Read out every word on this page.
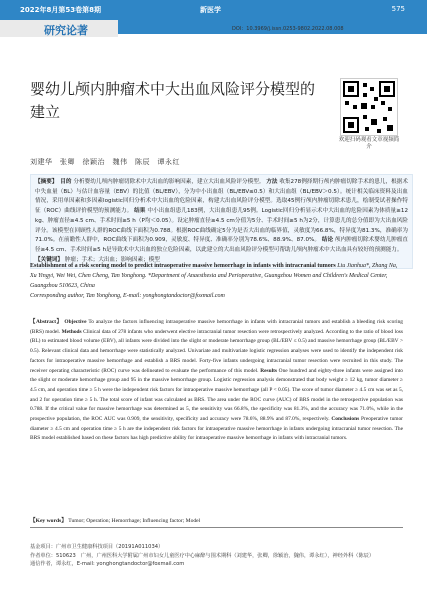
2022年8月第53卷第8期	新医学	575
研究论著	DOI：10.3969/j.issn.0253-9802.2022.08.008
婴幼儿颅内肿瘤术中大出血风险评分模型的建立
欢迎扫码观看文章视频简介
刘建华　张卿　徐颖治　魏伟　陈辰　谭永红
【摘要】　目的 分析婴幼儿颅内肿瘤切除术中大出血的影响因素，建立大出血风险评分模型。 方法 收集278例择期行颅内肿瘤切除手术的患儿，根据术中失血量（BL）与估计血容量（EBV）的比值（BL/EBV），分为中小出血组（BL/EBV≤0.5）和大出血组（BL/EBV＞0.5）。统计相关临床资料及出血情况，采用单因素和多因素logistic回归分析术中大出血的危险因素，构建大出血风险评分模型。选取45例行颅内肿瘤切除术患儿，绘制受试者操作特征（ROC）曲线评价模型的预测能力。 结果 中小出血组患儿183例，大出血组患儿95例。Logistic回归分析显示术中大出血的危险因素为体质量≥12 kg、肿瘤直径≥4.5 cm、手术时间≥5 h（P均＜0.05）。设定肿瘤直径≥4.5 cm分值为5分、手术时间≥5 h为2分，计算患儿的总分值即为大出血风险评分。该模型在回顾性人群的ROC曲线下面积为0.788。根据ROC曲线确定5分为是否大出血的临界值，灵敏度为66.8%，特异度为81.3%，准确率为71.0%。在前瞻性人群中，ROC曲线下面积为0.909，灵敏度、特异度、准确率分别为78.6%、88.9%、87.0%。 结论 颅内肿瘤切除术婴幼儿肿瘤直径≥4.5 cm、手术时间≥5 h是导致术中大出血的独立危险因素，以此建立的大出血风险评分模型可帮助儿颅内肿瘤术中大出血具有较好的预测能力。
【关键词】 肿瘤；手术；大出血；影响因素；模型
Establishment of a risk scoring model to predict intraoperative massive hemorrhage in infants with intracranial tumors Liu Jianhua*, Zhang Na, Xu Yingyi, Wei Wei, Chen Cheng, Tan Yonghong. *Department of Anaesthesia and Perioperative, Guangzhou Women and Children's Medical Center, Guangzhou 510623, China
Corresponding author, Tan Yonghong, E-mail: yonghongtandoctor@foxmail.com
【Abstract】 Objective To analyze the factors influencing intraoperative massive hemorrhage in infants with intracranial tumors and establish a bleeding risk scoring (BRS) model. Methods Clinical data of 278 infants who underwent elective intracranial tumor resection were retrospectively analyzed. According to the ratio of blood loss (BL) to estimated blood volume (EBV), all infants were divided into the slight or moderate hemorrhage group (BL/EBV ≤ 0.5) and massive hemorrhage group (BL/EBV > 0.5). Relevant clinical data and hemorrhage were statistically analyzed. Univariate and multivariate logistic regression analyses were used to identify the independent risk factors for intraoperative massive hemorrhage and establish a BRS model. Forty-five infants undergoing intracranial tumor resection were recruited in this study. The receiver operating characteristic (ROC) curve was delineated to evaluate the performance of this model. Results One hundred and eighty-three infants were assigned into the slight or moderate hemorrhage group and 95 in the massive hemorrhage group. Logistic regression analysis demonstrated that body weight ≥ 12 kg, tumor diameter ≥ 4.5 cm, and operation time ≥ 5 h were the independent risk factors for intraoperative massive hemorrhage (all P < 0.05). The score of tumor diameter ≥ 4.5 cm was set as 5, and 2 for operation time ≥ 5 h. The total score of infant was calculated as BRS. The area under the ROC curve (AUC) of BRS model in the retrospective population was 0.788. If the critical value for massive hemorrhage was determined as 5, the sensitivity was 66.8%, the specificity was 81.3%, and the accuracy was 71.0%, while in the prospective population, the ROC AUC was 0.909, the sensitivity, specificity and accuracy were 78.6%, 88.9% and 87.0%, respectively. Conclusions Preoperative tumor diameter ≥ 4.5 cm and operation time ≥ 5 h are the independent risk factors for intraoperative massive hemorrhage in infants undergoing intracranial tumor resection. The BRS model established based on these factors has high predictive ability for intraoperative massive hemorrhage in infants with intracranial tumors.
【Key words】 Tumor; Operation; Hemorrhage; Influencing factor; Model
基金项目：广州市卫生健康科技项目（20191A011034）
作者单位：510623　广州，广州医科大学附属广州市妇女儿童医疗中心麻醉与围术期科（刘建华，张卿，徐颖治，魏伟，谭永红），神经外科（陈辰）
通信作者，谭永红，E-mail: yonghongtandoctor@foxmail.com
